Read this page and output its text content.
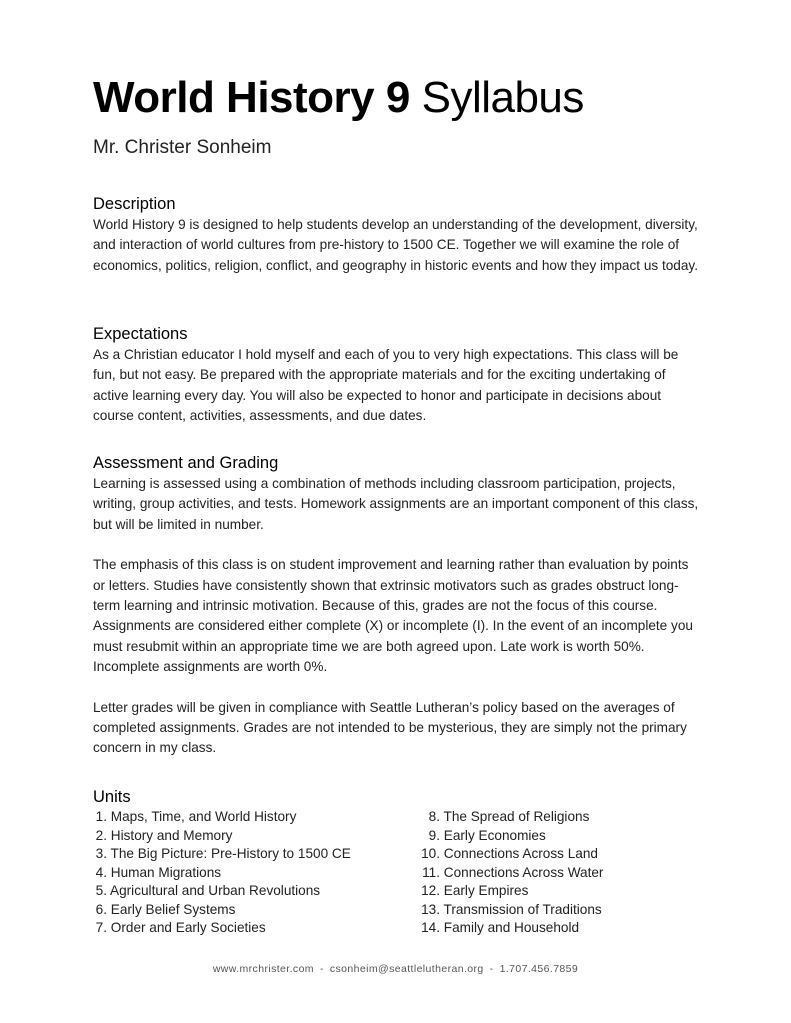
World History 9 Syllabus
Mr. Christer Sonheim
Description

World History 9 is designed to help students develop an understanding of the development, diversity, and interaction of world cultures from pre-history to 1500 CE. Together we will examine the role of economics, politics, religion, conflict, and geography in historic events and how they impact us today.

Expectations

As a Christian educator I hold myself and each of you to very high expectations. This class will be fun, but not easy. Be prepared with the appropriate materials and for the exciting undertaking of active learning every day. You will also be expected to honor and participate in decisions about course content, activities, assessments, and due dates.

Assessment and Grading

Learning is assessed using a combination of methods including classroom participation, projects, writing, group activities, and tests. Homework assignments are an important component of this class, but will be limited in number.

The emphasis of this class is on student improvement and learning rather than evaluation by points or letters. Studies have consistently shown that extrinsic motivators such as grades obstruct long-term learning and intrinsic motivation. Because of this, grades are not the focus of this course. Assignments are considered either complete (X) or incomplete (I). In the event of an incomplete you must resubmit within an appropriate time we are both agreed upon. Late work is worth 50%. Incomplete assignments are worth 0%.

Letter grades will be given in compliance with Seattle Lutheran’s policy based on the averages of completed assignments. Grades are not intended to be mysterious, they are simply not the primary concern in my class.

Units
1. Maps, Time, and World History
2. History and Memory
3. The Big Picture: Pre-History to 1500 CE
4. Human Migrations
5. Agricultural and Urban Revolutions
6. Early Belief Systems
7. Order and Early Societies
8. The Spread of Religions
9. Early Economies
10. Connections Across Land
11. Connections Across Water
12. Early Empires
13. Transmission of Traditions
14. Family and Household
www.mrchrister.com - csonheim@seattlelutheran.org - 1.707.456.7859
